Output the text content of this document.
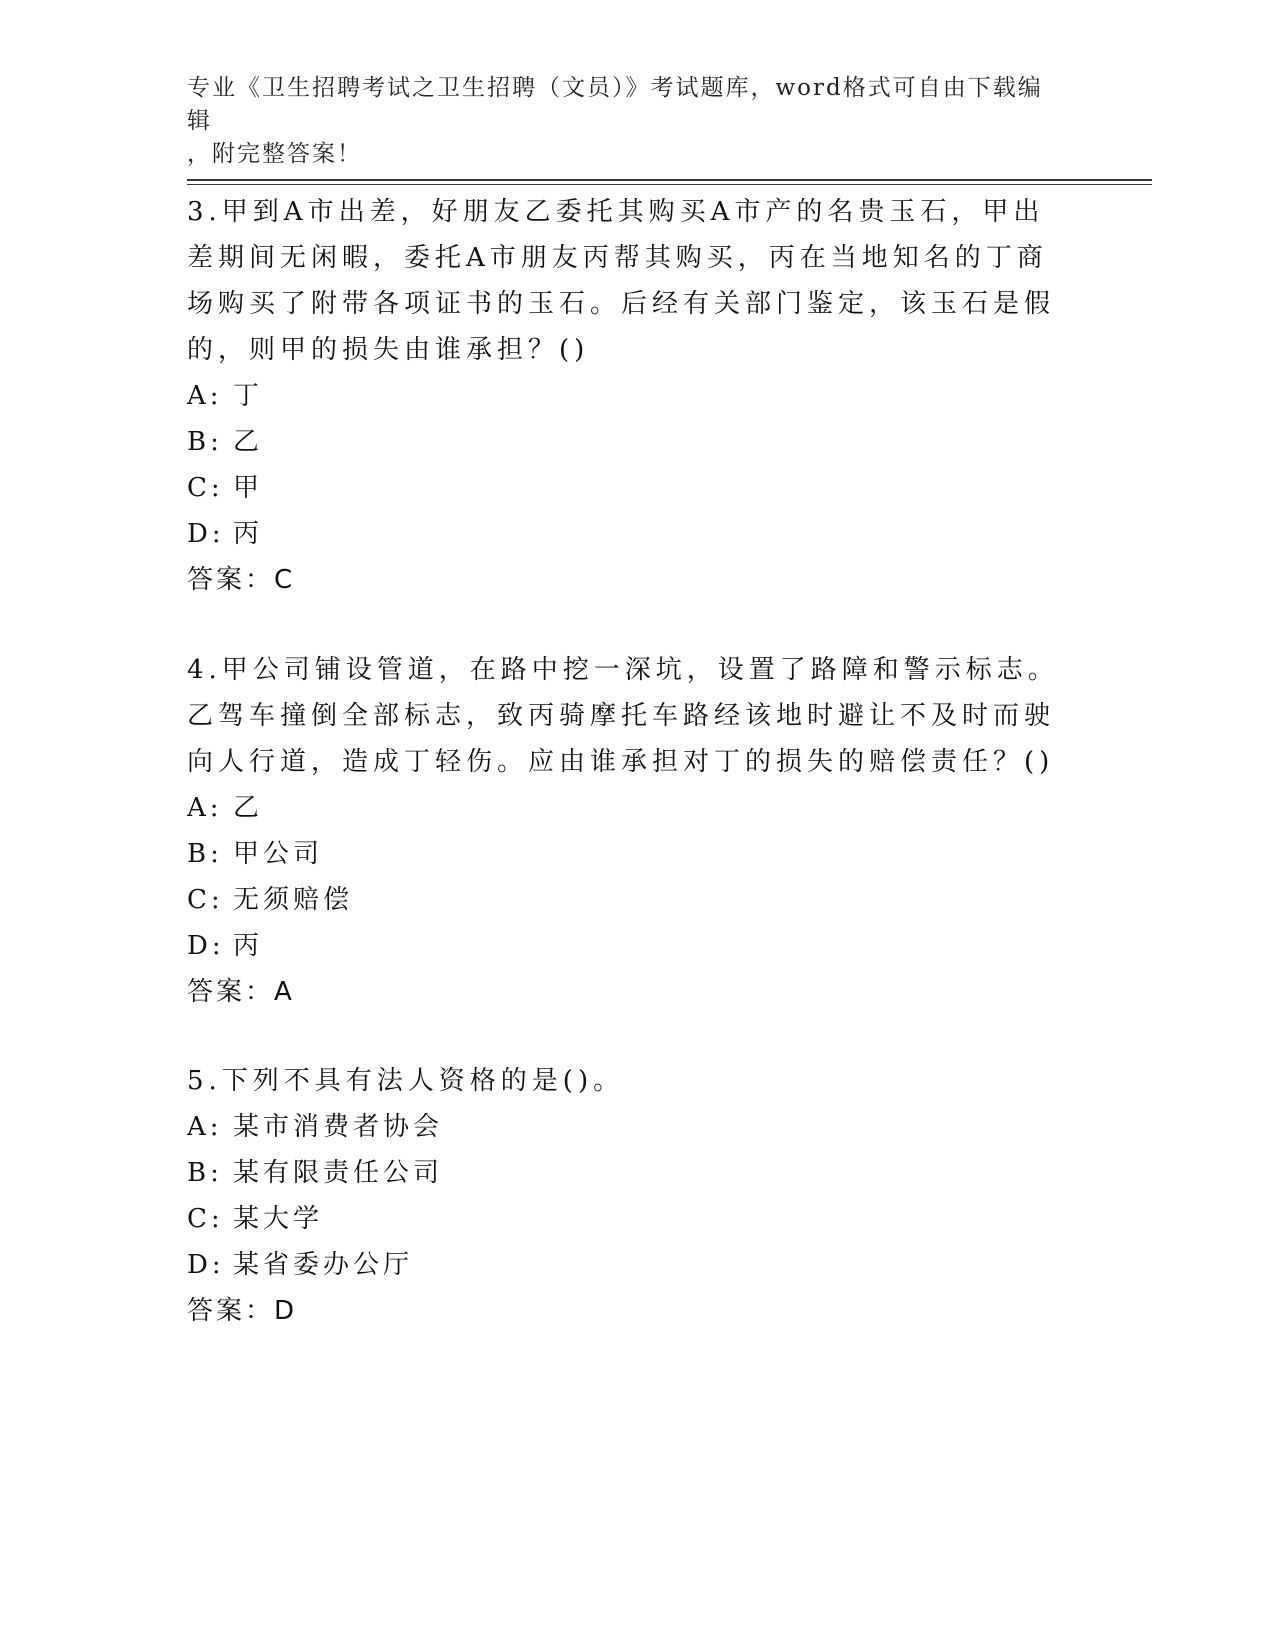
专业《卫生招聘考试之卫生招聘（文员）》考试题库，word格式可自由下载编辑
，附完整答案！
3.甲到A市出差，好朋友乙委托其购买A市产的名贵玉石，甲出差期间无闲暇，委托A市朋友丙帮其购买，丙在当地知名的丁商场购买了附带各项证书的玉石。后经有关部门鉴定，该玉石是假的，则甲的损失由谁承担？()
A: 丁
B: 乙
C: 甲
D: 丙
答案：C
4.甲公司铺设管道，在路中挖一深坑，设置了路障和警示标志。乙驾车撞倒全部标志，致丙骑摩托车路经该地时避让不及时而驶向人行道，造成丁轻伤。应由谁承担对丁的损失的赔偿责任？()
A: 乙
B: 甲公司
C: 无须赔偿
D: 丙
答案：A
5.下列不具有法人资格的是()。
A: 某市消费者协会
B: 某有限责任公司
C: 某大学
D: 某省委办公厅
答案：D
